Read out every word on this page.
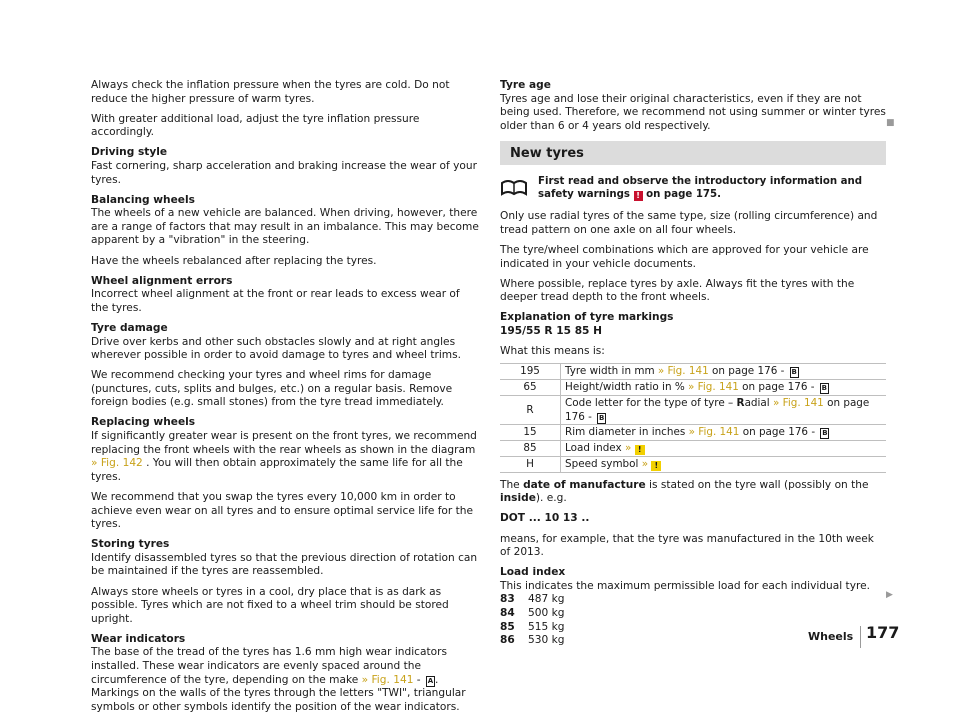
Always check the inflation pressure when the tyres are cold. Do not reduce the higher pressure of warm tyres.

With greater additional load, adjust the tyre inflation pressure accordingly.

Driving style
Fast cornering, sharp acceleration and braking increase the wear of your tyres.

Balancing wheels
The wheels of a new vehicle are balanced. When driving, however, there are a range of factors that may result in an imbalance. This may become apparent by a "vibration" in the steering.

Have the wheels rebalanced after replacing the tyres.

Wheel alignment errors
Incorrect wheel alignment at the front or rear leads to excess wear of the tyres.

Tyre damage
Drive over kerbs and other such obstacles slowly and at right angles wherever possible in order to avoid damage to tyres and wheel trims.

We recommend checking your tyres and wheel rims for damage (punctures, cuts, splits and bulges, etc.) on a regular basis. Remove foreign bodies (e.g. small stones) from the tyre tread immediately.

Replacing wheels
If significantly greater wear is present on the front tyres, we recommend replacing the front wheels with the rear wheels as shown in the diagram » Fig. 142 . You will then obtain approximately the same life for all the tyres.

We recommend that you swap the tyres every 10,000 km in order to achieve even wear on all tyres and to ensure optimal service life for the tyres.

Storing tyres
Identify disassembled tyres so that the previous direction of rotation can be maintained if the tyres are reassembled.

Always store wheels or tyres in a cool, dry place that is as dark as possible. Tyres which are not fixed to a wheel trim should be stored upright.

Wear indicators
The base of the tread of the tyres has 1.6 mm high wear indicators installed. These wear indicators are evenly spaced around the circumference of the tyre, depending on the make » Fig. 141 - A . Markings on the walls of the tyres through the letters "TWI", triangular symbols or other symbols identify the position of the wear indicators.

Tyre age
Tyres age and lose their original characteristics, even if they are not being used. Therefore, we recommend not using summer or winter tyres older than 6 or 4 years old respectively.

New tyres

First read and observe the introductory information and safety warnings ! on page 175.

Only use radial tyres of the same type, size (rolling circumference) and tread pattern on one axle on all four wheels.

The tyre/wheel combinations which are approved for your vehicle are indicated in your vehicle documents.

Where possible, replace tyres by axle. Always fit the tyres with the deeper tread depth to the front wheels.

Explanation of tyre markings
195/55 R 15 85 H

What this means is:

195	Tyre width in mm » Fig. 141 on page 176 - B
65	Height/width ratio in % » Fig. 141 on page 176 - B
R	Code letter for the type of tyre – Radial » Fig. 141 on page 176 - B
15	Rim diameter in inches » Fig. 141 on page 176 - B
85	Load index » !
H	Speed symbol » !

The date of manufacture is stated on the tyre wall (possibly on the inside). e.g.

DOT ... 10 13 ..

means, for example, that the tyre was manufactured in the 10th week of 2013.

Load index

This indicates the maximum permissible load for each individual tyre.

83	487 kg
84	500 kg
85	515 kg
86	530 kg
■
▶
Wheels 177
